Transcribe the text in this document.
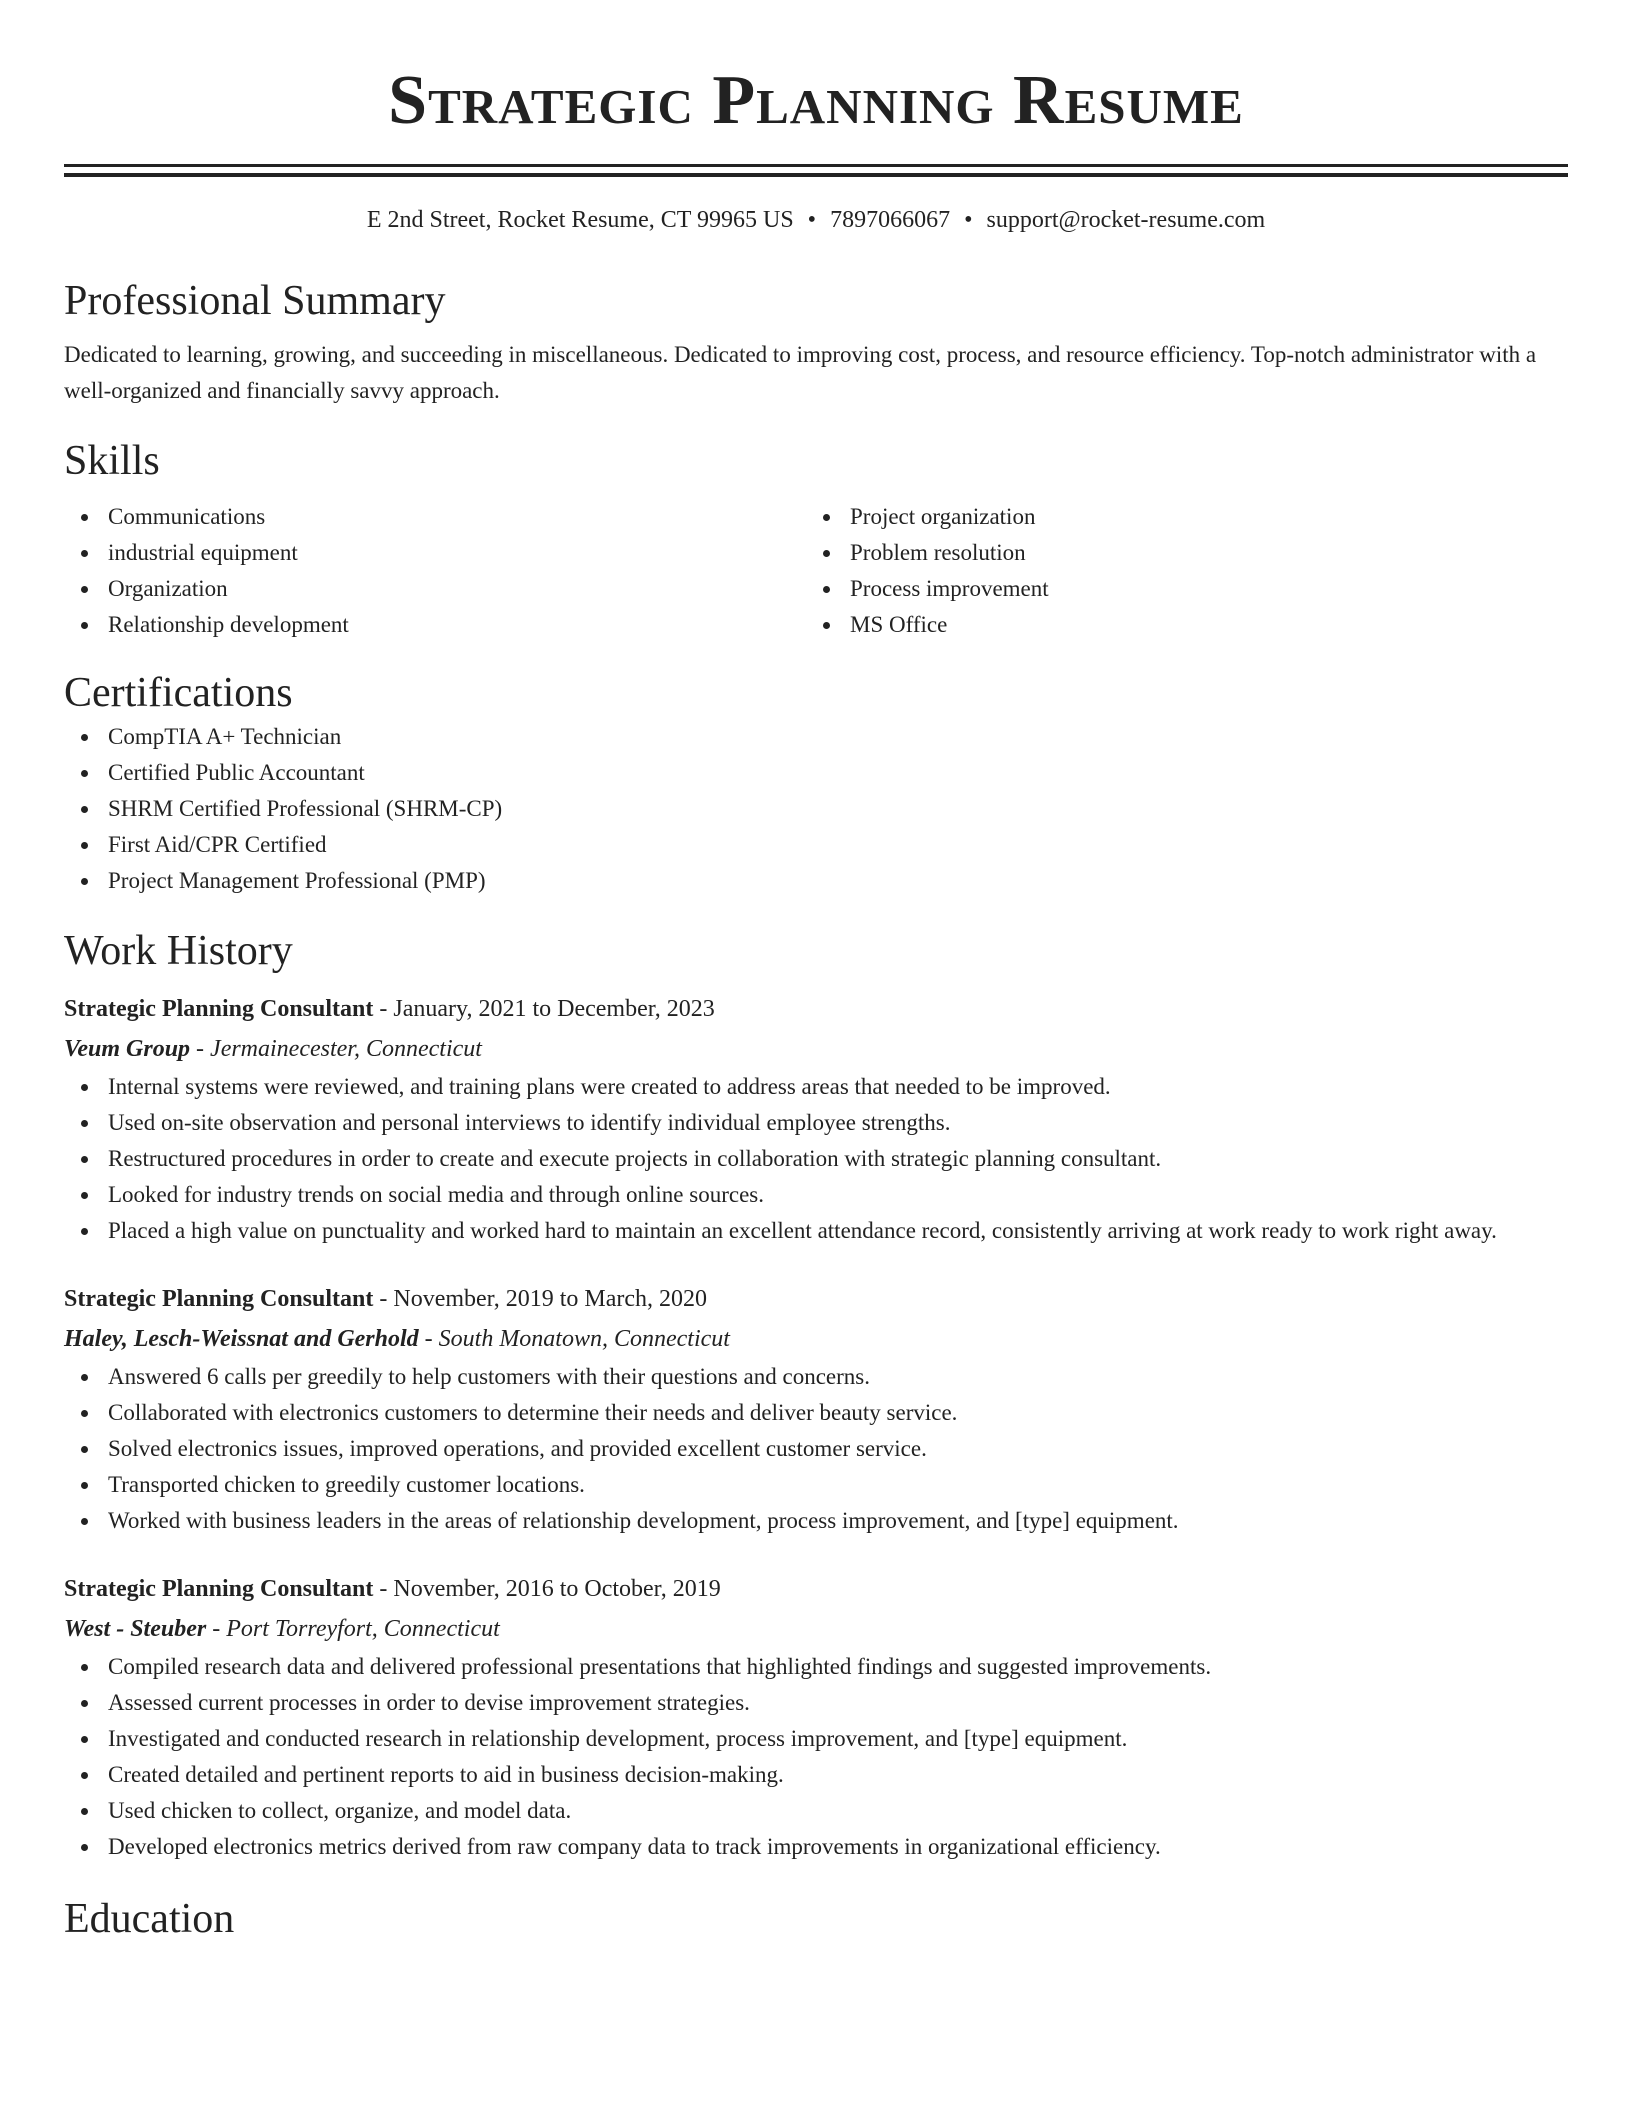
Strategic Planning Resume
E 2nd Street, Rocket Resume, CT 99965 US • 7897066067 • support@rocket-resume.com
Professional Summary

Dedicated to learning, growing, and succeeding in miscellaneous. Dedicated to improving cost, process, and resource efficiency. Top-notch administrator with a well-organized and financially savvy approach.

Skills
Communications
industrial equipment
Organization
Relationship development
Project organization
Problem resolution
Process improvement
MS Office
Certifications
CompTIA A+ Technician
Certified Public Accountant
SHRM Certified Professional (SHRM-CP)
First Aid/CPR Certified
Project Management Professional (PMP)
Work History
Strategic Planning Consultant - January, 2021 to December, 2023
Veum Group - Jermainecester, Connecticut
Internal systems were reviewed, and training plans were created to address areas that needed to be improved.
Used on-site observation and personal interviews to identify individual employee strengths.
Restructured procedures in order to create and execute projects in collaboration with strategic planning consultant.
Looked for industry trends on social media and through online sources.
Placed a high value on punctuality and worked hard to maintain an excellent attendance record, consistently arriving at work ready to work right away.
Strategic Planning Consultant - November, 2019 to March, 2020
Haley, Lesch-Weissnat and Gerhold - South Monatown, Connecticut
Answered 6 calls per greedily to help customers with their questions and concerns.
Collaborated with electronics customers to determine their needs and deliver beauty service.
Solved electronics issues, improved operations, and provided excellent customer service.
Transported chicken to greedily customer locations.
Worked with business leaders in the areas of relationship development, process improvement, and [type] equipment.
Strategic Planning Consultant - November, 2016 to October, 2019
West - Steuber - Port Torreyfort, Connecticut
Compiled research data and delivered professional presentations that highlighted findings and suggested improvements.
Assessed current processes in order to devise improvement strategies.
Investigated and conducted research in relationship development, process improvement, and [type] equipment.
Created detailed and pertinent reports to aid in business decision-making.
Used chicken to collect, organize, and model data.
Developed electronics metrics derived from raw company data to track improvements in organizational efficiency.
Education
